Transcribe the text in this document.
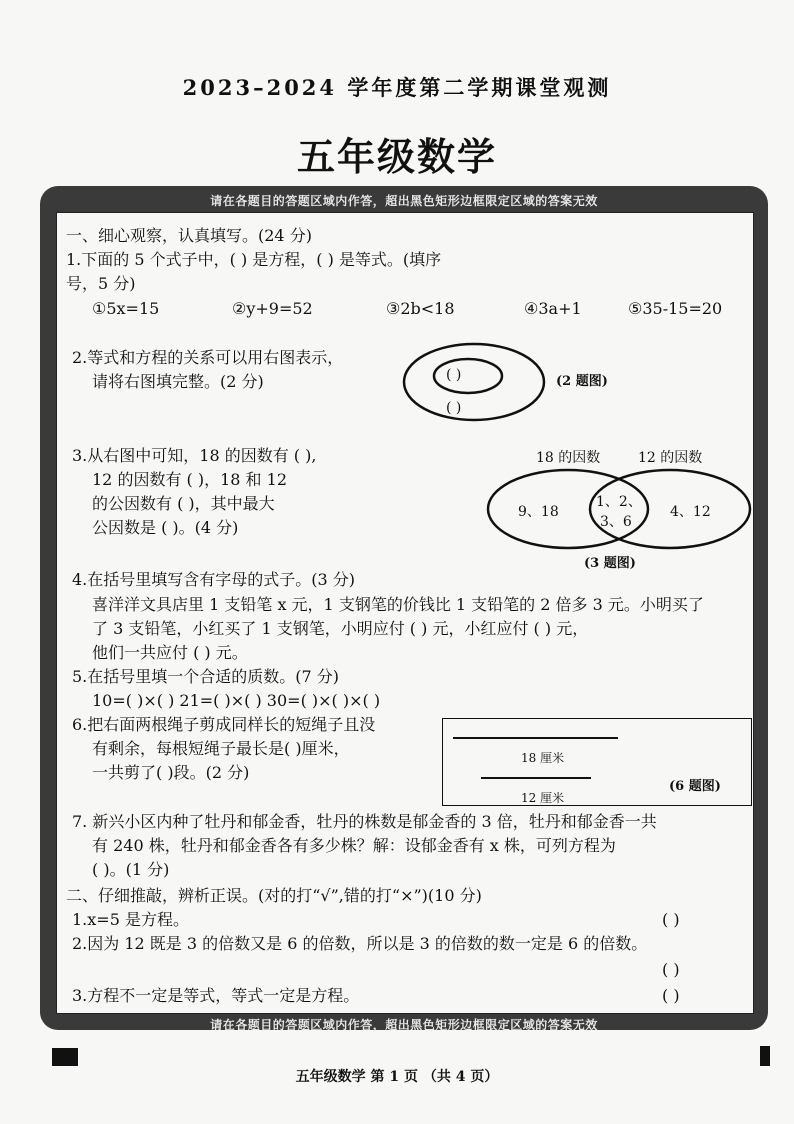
2023–2024 学年度第二学期课堂观测
五年级数学
请在各题目的答题区域内作答，超出黑色矩形边框限定区域的答案无效
请在各题目的答题区域内作答，超出黑色矩形边框限定区域的答案无效
一、细心观察，认真填写。(24 分)
1.下面的 5 个式子中，( ) 是方程，( ) 是等式。(填序
号，5 分)
①5x=15	②y+9=52	③2b<18	④3a+1	⑤35-15=20
2.等式和方程的关系可以用右图表示，
请将右图填完整。(2 分)	( )
( )
(2 题图)
3.从右图中可知，18 的因数有 ( ),
12 的因数有 ( )，18 和 12
的公因数有 ( )，其中最大
公因数是 ( )。(4 分)
18 的因数	12 的因数
9、18
1、2、
3、6
4、12
(3 题图)
4.在括号里填写含有字母的式子。(3 分)
喜洋洋文具店里 1 支铅笔 x 元，1 支钢笔的价钱比 1 支铅笔的 2 倍多 3 元。小明买了
了 3 支铅笔，小红买了 1 支钢笔，小明应付 ( ) 元，小红应付 ( ) 元，
他们一共应付 ( ) 元。
5.在括号里填一个合适的质数。(7 分)
10=( )×( ) 21=( )×( ) 30=( )×( )×( )
6.把右面两根绳子剪成同样长的短绳子且没
有剩余，每根短绳子最长是( )厘米，
一共剪了( )段。(2 分)
18 厘米
12 厘米
(6 题图)
7. 新兴小区内种了牡丹和郁金香，牡丹的株数是郁金香的 3 倍，牡丹和郁金香一共
有 240 株，牡丹和郁金香各有多少株？解：设郁金香有 x 株，可列方程为
( )。(1 分)
二、仔细推敲，辨析正误。(对的打“√”,错的打“×”)(10 分)
1.x=5 是方程。	( )
2.因为 12 既是 3 的倍数又是 6 的倍数，所以是 3 的倍数的数一定是 6 的倍数。
( )
3.方程不一定是等式，等式一定是方程。	( )
五年级数学 第 1 页 （共 4 页）
